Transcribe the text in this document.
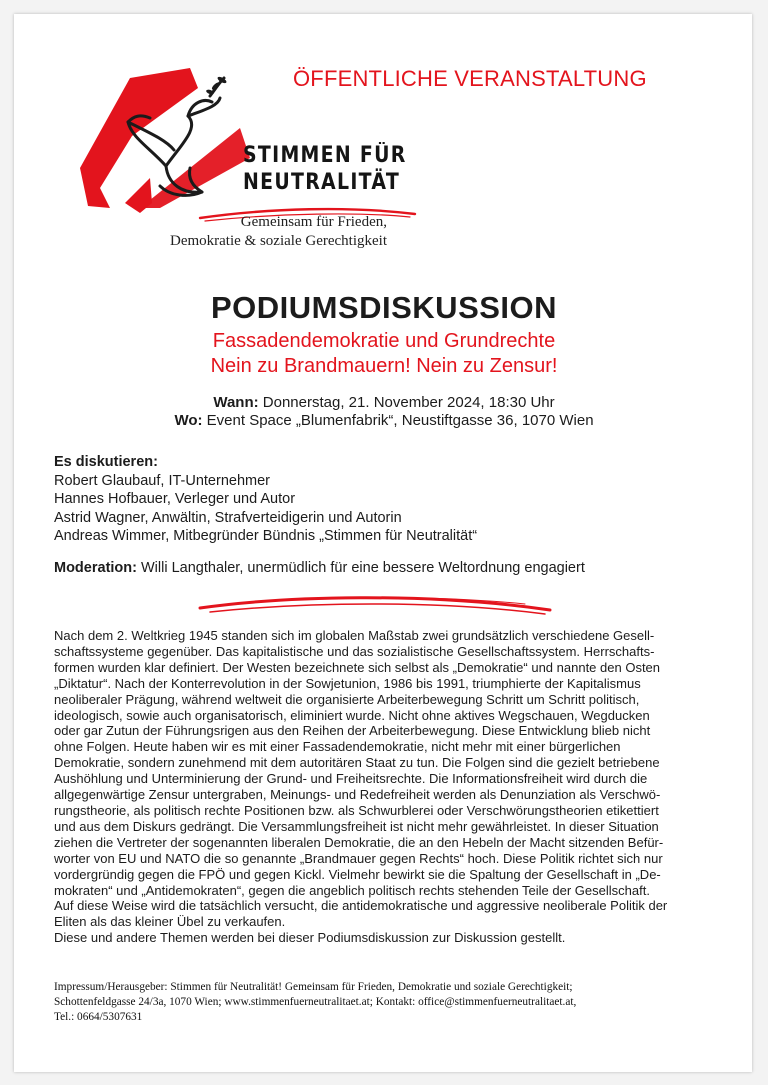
ÖFFENTLICHE VERANSTALTUNG
STIMMEN FÜR
NEUTRALITÄT
Gemeinsam für Frieden,
Demokratie & soziale Gerechtigkeit
PODIUMSDISKUSSION
Fassadendemokratie und Grundrechte
Nein zu Brandmauern! Nein zu Zensur!
Wann: Donnerstag, 21. November 2024, 18:30 Uhr
Wo: Event Space „Blumenfabrik“, Neustiftgasse 36, 1070 Wien
Es diskutieren:
Robert Glaubauf, IT-Unternehmer
Hannes Hofbauer, Verleger und Autor
Astrid Wagner, Anwältin, Strafverteidigerin und Autorin
Andreas Wimmer, Mitbegründer Bündnis „Stimmen für Neutralität“
Moderation: Willi Langthaler, unermüdlich für eine bessere Weltordnung engagiert
Nach dem 2. Weltkrieg 1945 standen sich im globalen Maßstab zwei grundsätzlich verschiedene Gesell-
schaftssysteme gegenüber. Das kapitalistische und das sozialistische Gesellschaftssystem. Herrschafts-
formen wurden klar definiert. Der Westen bezeichnete sich selbst als „Demokratie“ und nannte den Osten
„Diktatur“. Nach der Konterrevolution in der Sowjetunion, 1986 bis 1991, triumphierte der Kapitalismus
neoliberaler Prägung, während weltweit die organisierte Arbeiterbewegung Schritt um Schritt politisch,
ideologisch, sowie auch organisatorisch, eliminiert wurde. Nicht ohne aktives Wegschauen, Wegducken
oder gar Zutun der Führungsrigen aus den Reihen der Arbeiterbewegung. Diese Entwicklung blieb nicht
ohne Folgen. Heute haben wir es mit einer Fassadendemokratie, nicht mehr mit einer bürgerlichen
Demokratie, sondern zunehmend mit dem autoritären Staat zu tun. Die Folgen sind die gezielt betriebene
Aushöhlung und Unterminierung der Grund- und Freiheitsrechte. Die Informationsfreiheit wird durch die
allgegenwärtige Zensur untergraben, Meinungs- und Redefreiheit werden als Denunziation als Verschwö-
rungstheorie, als politisch rechte Positionen bzw. als Schwurblerei oder Verschwörungstheorien etikettiert
und aus dem Diskurs gedrängt. Die Versammlungsfreiheit ist nicht mehr gewährleistet. In dieser Situation
ziehen die Vertreter der sogenannten liberalen Demokratie, die an den Hebeln der Macht sitzenden Befür-
worter von EU und NATO die so genannte „Brandmauer gegen Rechts“ hoch. Diese Politik richtet sich nur
vordergründig gegen die FPÖ und gegen Kickl. Vielmehr bewirkt sie die Spaltung der Gesellschaft in „De-
mokraten“ und „Antidemokraten“, gegen die angeblich politisch rechts stehenden Teile der Gesellschaft.
Auf diese Weise wird die tatsächlich versucht, die antidemokratische und aggressive neoliberale Politik der
Eliten als das kleiner Übel zu verkaufen.
Diese und andere Themen werden bei dieser Podiumsdiskussion zur Diskussion gestellt.
Impressum/Herausgeber: Stimmen für Neutralität! Gemeinsam für Frieden, Demokratie und soziale Gerechtigkeit;
Schottenfeldgasse 24/3a, 1070 Wien; www.stimmenfuerneutralitaet.at; Kontakt: office@stimmenfuerneutralitaet.at,
Tel.: 0664/5307631
